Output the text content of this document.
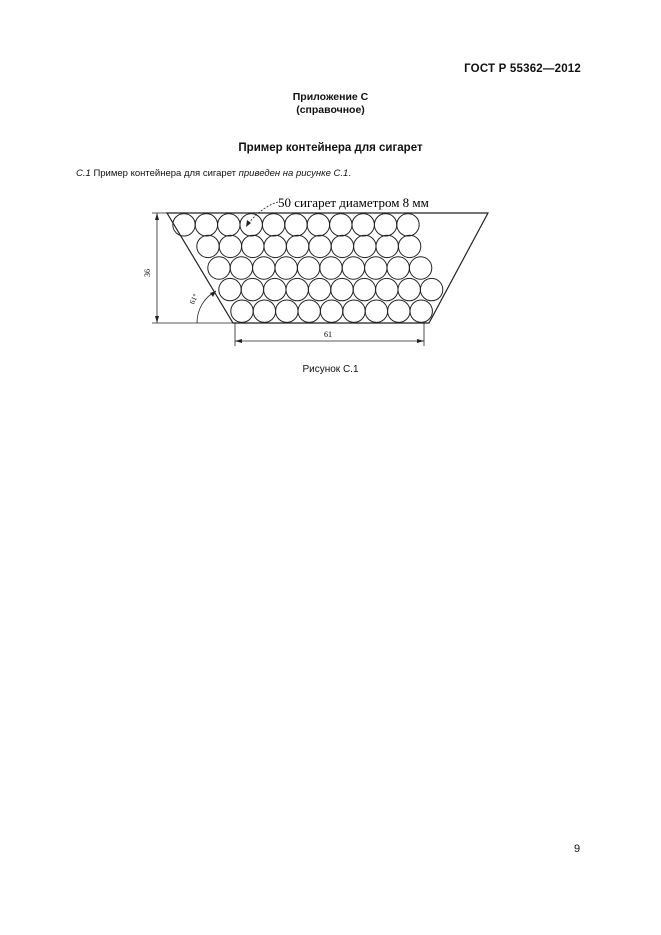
ГОСТ Р 55362—2012
Приложение С
(справочное)
Пример контейнера для сигарет
С.1 Пример контейнера для сигарет приведен на рисунке С.1.
36
61°
61
50 сигарет диаметром 8 мм
Рисунок С.1
9
